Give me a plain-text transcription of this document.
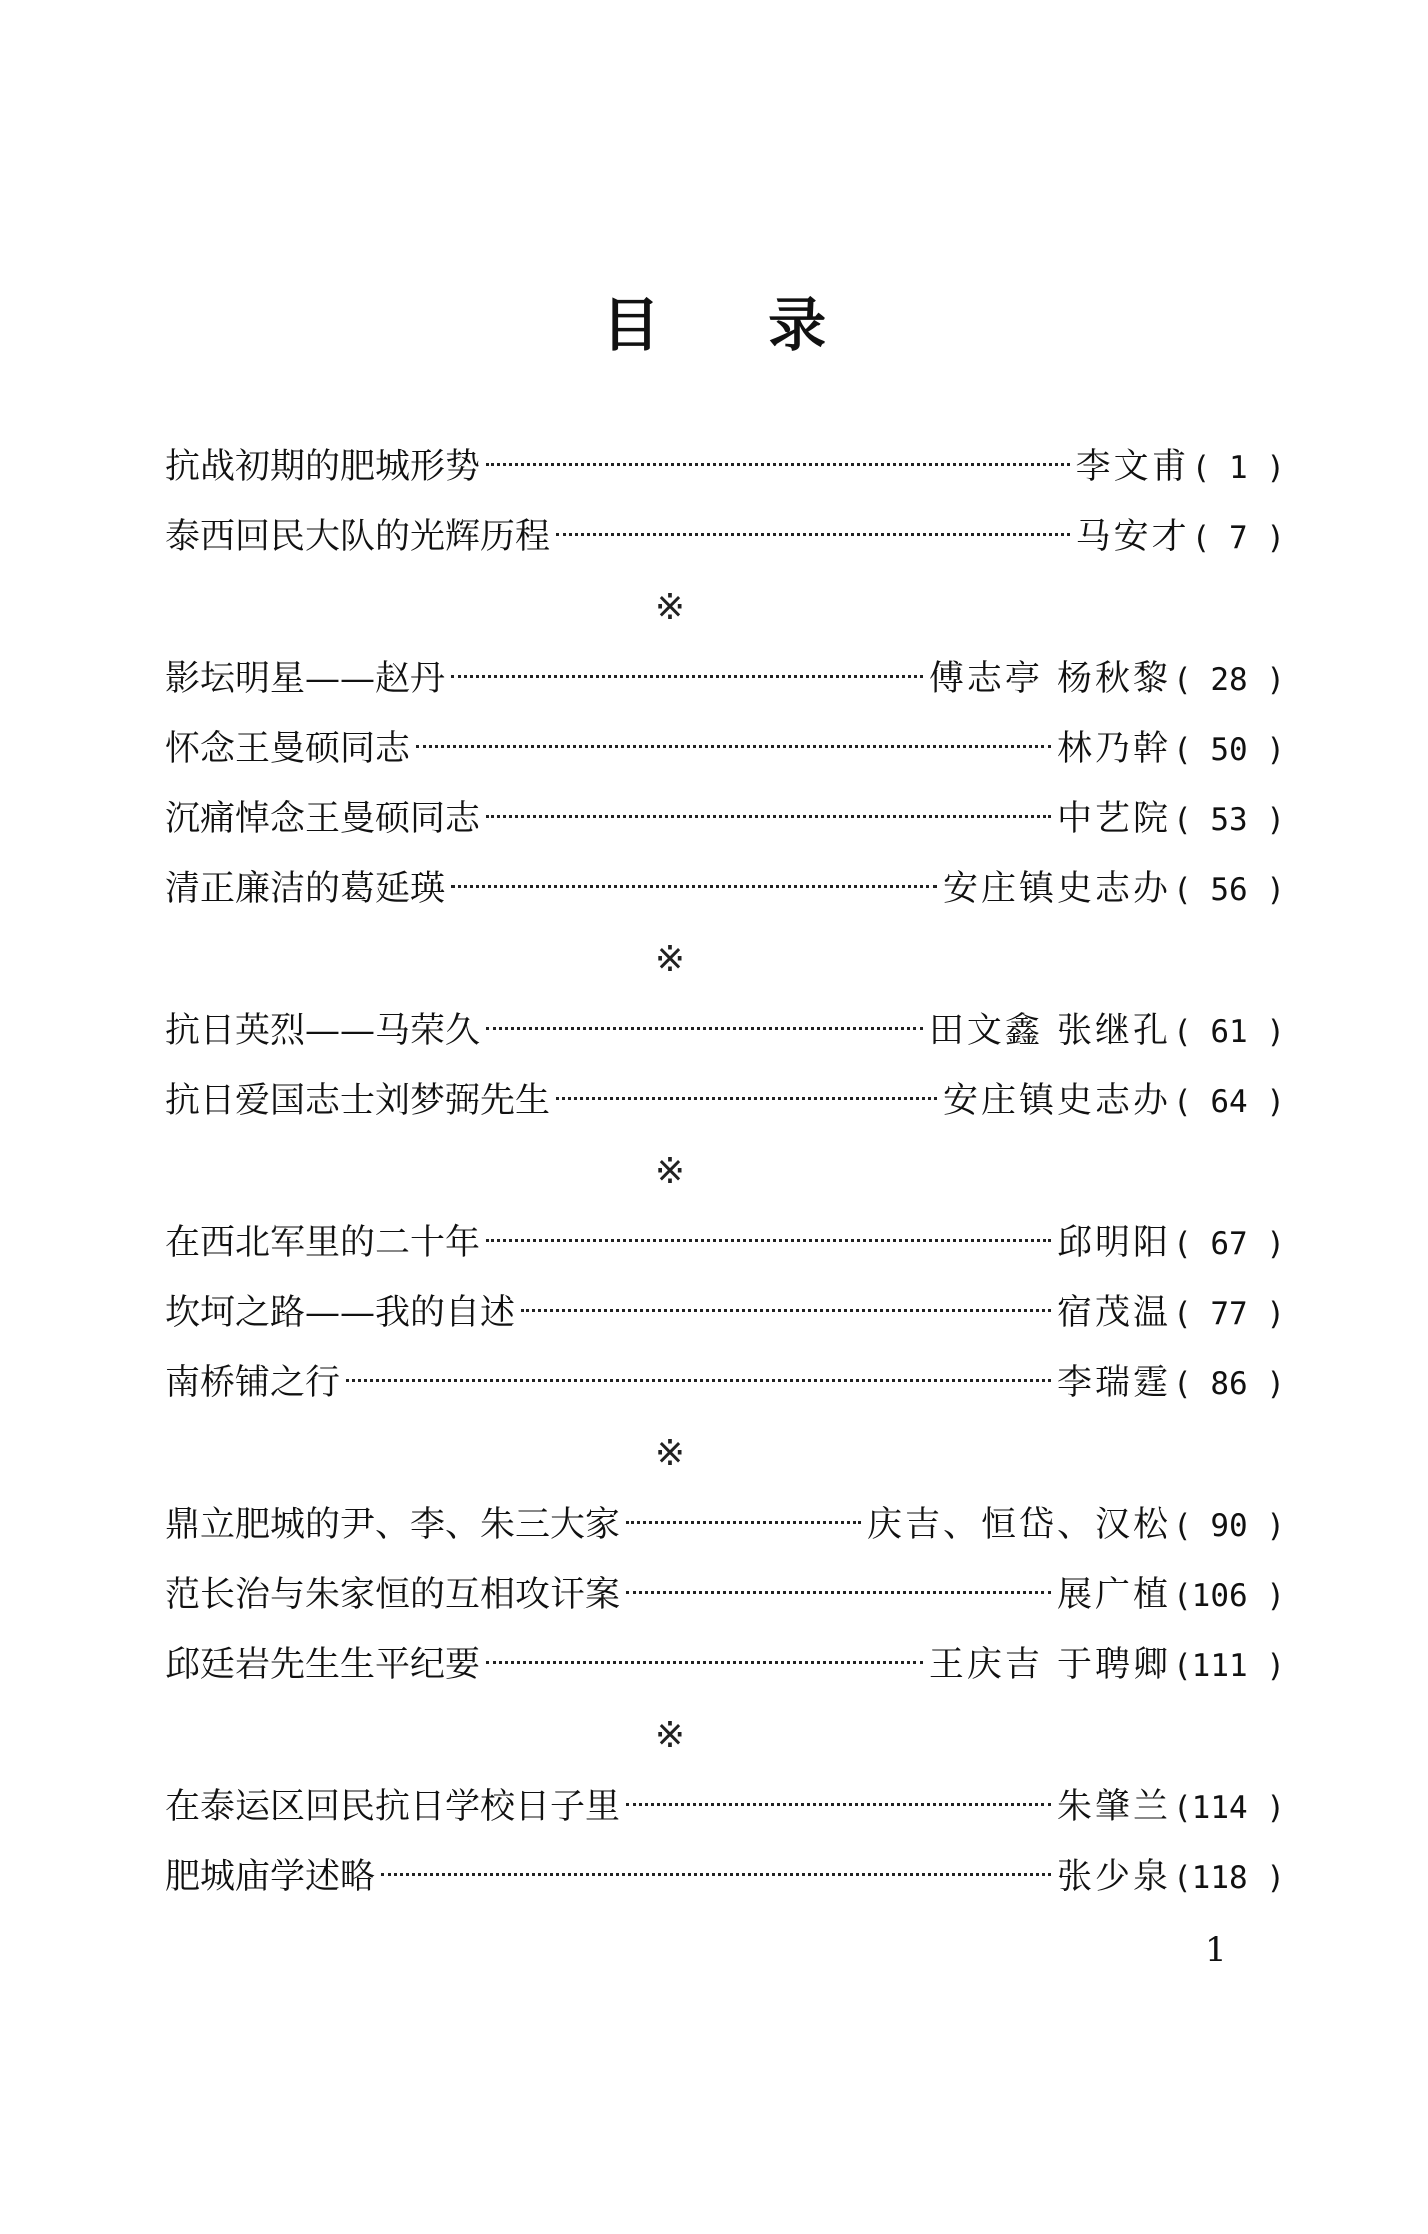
目 录
抗战初期的肥城形势	李文甫 ( 1 )
泰西回民大队的光辉历程	马安才 ( 7 )
※
影坛明星——赵丹	傅志亭 杨秋黎 ( 28 )
怀念王曼硕同志	林乃幹 ( 50 )
沉痛悼念王曼硕同志	中艺院 ( 53 )
清正廉洁的葛延瑛	安庄镇史志办 ( 56 )
※
抗日英烈——马荣久	田文鑫 张继孔 ( 61 )
抗日爱国志士刘梦弼先生	安庄镇史志办 ( 64 )
※
在西北军里的二十年	邱明阳 ( 67 )
坎坷之路——我的自述	宿茂温 ( 77 )
南桥铺之行	李瑞霆 ( 86 )
※
鼎立肥城的尹、李、朱三大家	庆吉、恒岱、汉松 ( 90 )
范长治与朱家恒的互相攻讦案	展广植 (106 )
邱廷岩先生生平纪要	王庆吉 于聘卿 (111 )
※
在泰运区回民抗日学校日子里	朱肇兰 (114 )
肥城庙学述略	张少泉 (118 )
1
